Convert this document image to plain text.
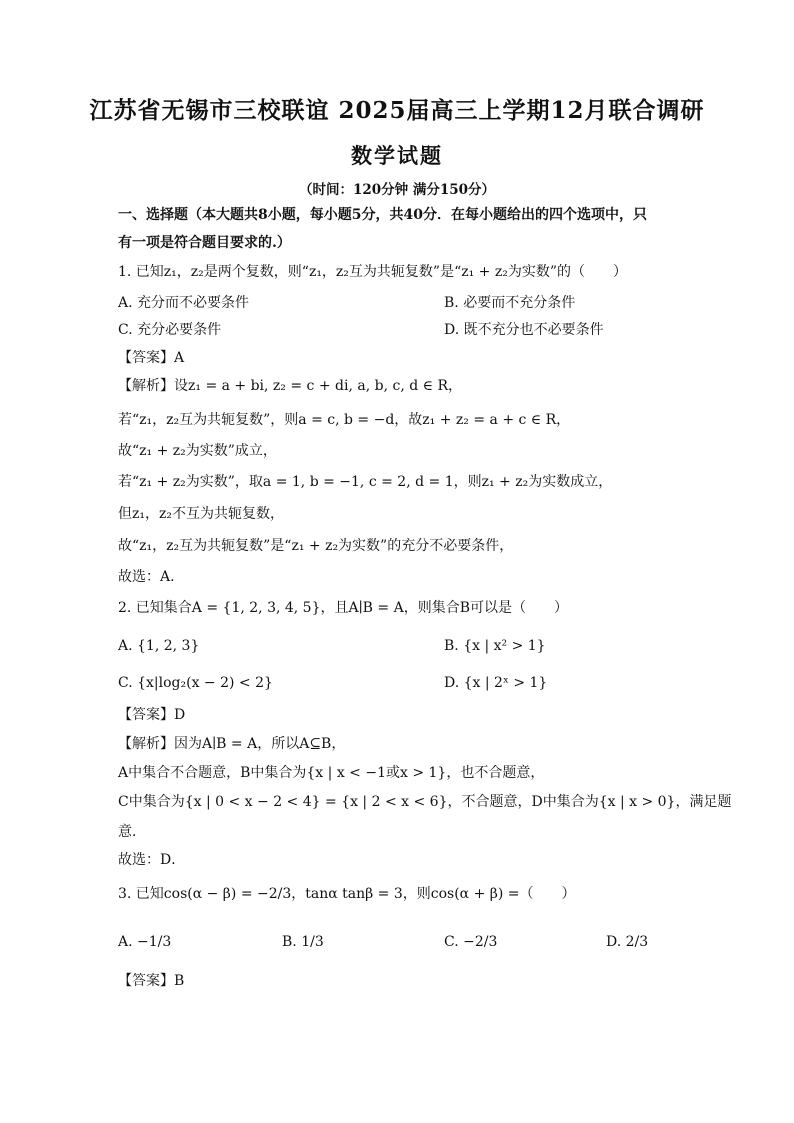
江苏省无锡市三校联谊 2025届高三上学期12月联合调研
数学试题
（时间：120分钟 满分150分）
一、选择题（本大题共8小题，每小题5分，共40分．在每小题给出的四个选项中，只
有一项是符合题目要求的.）
1. 已知z₁，z₂是两个复数，则“z₁，z₂互为共轭复数”是“z₁ + z₂为实数”的（　　）
A. 充分而不必要条件	B. 必要而不充分条件
C. 充分必要条件	D. 既不充分也不必要条件
【答案】A
【解析】设z₁ = a + bi, z₂ = c + di, a, b, c, d ∈ R，
若“z₁，z₂互为共轭复数”，则a = c, b = −d，故z₁ + z₂ = a + c ∈ R，
故“z₁ + z₂为实数”成立，
若“z₁ + z₂为实数”，取a = 1, b = −1, c = 2, d = 1，则z₁ + z₂为实数成立，
但z₁，z₂不互为共轭复数，
故“z₁，z₂互为共轭复数”是“z₁ + z₂为实数”的充分不必要条件，
故选：A.
2. 已知集合A = {1, 2, 3, 4, 5}，且A∣B = A，则集合B可以是（　　）
A. {1, 2, 3}	B. {x | x² > 1}
C. {x|log₂(x − 2) < 2}	D. {x | 2ˣ > 1}
【答案】D
【解析】因为A∣B = A，所以A⊆B，
A中集合不合题意，B中集合为{x | x < −1或x > 1}，也不合题意，
C中集合为{x | 0 < x − 2 < 4} = {x | 2 < x < 6}，不合题意，D中集合为{x | x > 0}，满足题
意．
故选：D．
3. 已知cos(α − β) = −2/3，tanα tanβ = 3，则cos(α + β) =（　　）
A. −1/3	B. 1/3	C. −2/3	D. 2/3
【答案】B
